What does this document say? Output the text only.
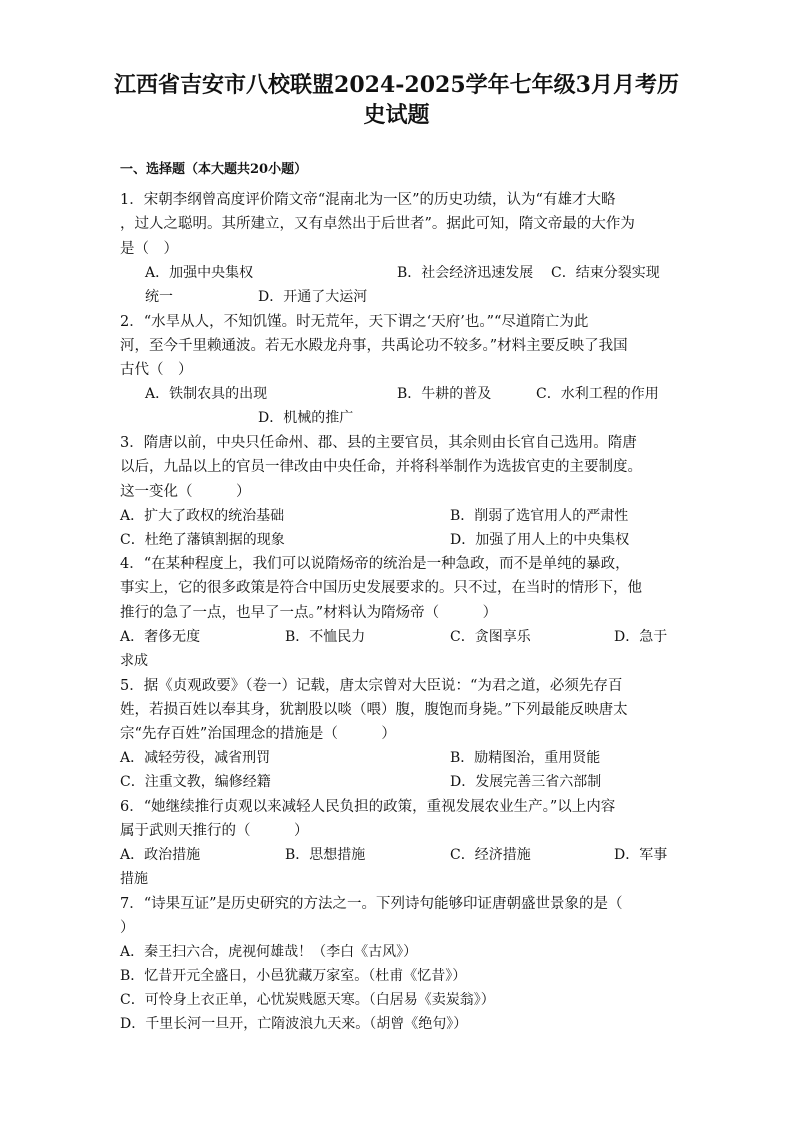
江西省吉安市八校联盟2024-2025学年七年级3月月考历
史试题
一、选择题（本大题共20小题）
1．宋朝李纲曾高度评价隋文帝“混南北为一区”的历史功绩，认为“有雄才大略
，过人之聪明。其所建立，又有卓然出于后世者”。据此可知，隋文帝最的大作为
是（　）
A．加强中央集权	B．社会经济迅速发展 C．结束分裂实现
统一	D．开通了大运河
2．“水旱从人，不知饥馑。时无荒年，天下谓之‘天府’也。”“尽道隋亡为此
河，至今千里赖通波。若无水殿龙舟事，共禹论功不较多。”材料主要反映了我国
古代（　）
A．铁制农具的出现	B．牛耕的普及	C．水利工程的作用
D．机械的推广
3．隋唐以前，中央只任命州、郡、县的主要官员，其余则由长官自己选用。隋唐
以后，九品以上的官员一律改由中央任命，并将科举制作为选拔官吏的主要制度。
这一变化（　　　）
A．扩大了政权的统治基础	B．削弱了选官用人的严肃性
C．杜绝了藩镇割据的现象	D．加强了用人上的中央集权
4．“在某种程度上，我们可以说隋炀帝的统治是一种急政，而不是单纯的暴政，
事实上，它的很多政策是符合中国历史发展要求的。只不过，在当时的情形下，他
推行的急了一点，也早了一点。”材料认为隋炀帝（　　　）
A．奢侈无度	B．不恤民力	C．贪图享乐	D．急于
求成
5．据《贞观政要》（卷一）记载，唐太宗曾对大臣说：“为君之道，必须先存百
姓，若损百姓以奉其身，犹割股以啖（喂）腹，腹饱而身毙。”下列最能反映唐太
宗“先存百姓”治国理念的措施是（　　　）
A．减轻劳役，减省刑罚	B．励精图治，重用贤能
C．注重文教，编修经籍	D．发展完善三省六部制
6．“她继续推行贞观以来减轻人民负担的政策，重视发展农业生产。”以上内容
属于武则天推行的（　　　）
A．政治措施	B．思想措施	C．经济措施	D．军事
措施
7．“诗果互证”是历史研究的方法之一。下列诗句能够印证唐朝盛世景象的是（
）
A．秦王扫六合，虎视何雄哉！（李白《古风》）
B．忆昔开元全盛日，小邑犹藏万家室。（杜甫《忆昔》）
C．可怜身上衣正单，心忧炭贱愿天寒。（白居易《卖炭翁》）
D．千里长河一旦开，亡隋波浪九天来。（胡曾《绝句》）
